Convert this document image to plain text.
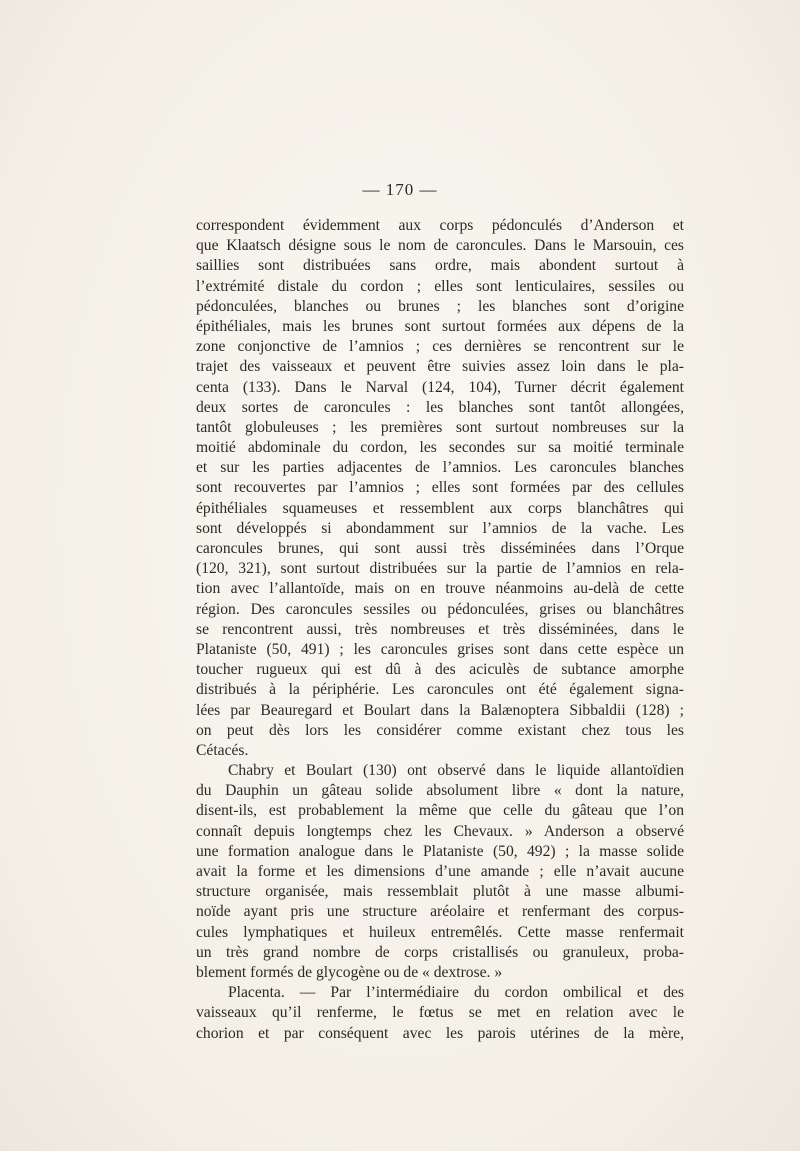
— 170 —
correspondent évidemment aux corps pédonculés d’Anderson et
que Klaatsch désigne sous le nom de caroncules. Dans le Marsouin, ces
saillies sont distribuées sans ordre, mais abondent surtout à
l’extrémité distale du cordon ; elles sont lenticulaires, sessiles ou
pédonculées, blanches ou brunes ; les blanches sont d’origine
épithéliales, mais les brunes sont surtout formées aux dépens de la
zone conjonctive de l’amnios ; ces dernières se rencontrent sur le
trajet des vaisseaux et peuvent être suivies assez loin dans le pla-
centa (133). Dans le Narval (124, 104), Turner décrit également
deux sortes de caroncules : les blanches sont tantôt allongées,
tantôt globuleuses ; les premières sont surtout nombreuses sur la
moitié abdominale du cordon, les secondes sur sa moitié terminale
et sur les parties adjacentes de l’amnios. Les caroncules blanches
sont recouvertes par l’amnios ; elles sont formées par des cellules
épithéliales squameuses et ressemblent aux corps blanchâtres qui
sont développés si abondamment sur l’amnios de la vache. Les
caroncules brunes, qui sont aussi très disséminées dans l’Orque
(120, 321), sont surtout distribuées sur la partie de l’amnios en rela-
tion avec l’allantoïde, mais on en trouve néanmoins au-delà de cette
région. Des caroncules sessiles ou pédonculées, grises ou blanchâtres
se rencontrent aussi, très nombreuses et très disséminées, dans le
Plataniste (50, 491) ; les caroncules grises sont dans cette espèce un
toucher rugueux qui est dû à des aciculès de subtance amorphe
distribués à la périphérie. Les caroncules ont été également signa-
lées par Beauregard et Boulart dans la Balænoptera Sibbaldii (128) ;
on peut dès lors les considérer comme existant chez tous les
Cétacés.
Chabry et Boulart (130) ont observé dans le liquide allantoïdien
du Dauphin un gâteau solide absolument libre « dont la nature,
disent-ils, est probablement la même que celle du gâteau que l’on
connaît depuis longtemps chez les Chevaux. » Anderson a observé
une formation analogue dans le Plataniste (50, 492) ; la masse solide
avait la forme et les dimensions d’une amande ; elle n’avait aucune
structure organisée, mais ressemblait plutôt à une masse albumi-
noïde ayant pris une structure aréolaire et renfermant des corpus-
cules lymphatiques et huileux entremêlés. Cette masse renfermait
un très grand nombre de corps cristallisés ou granuleux, proba-
blement formés de glycogène ou de « dextrose. »
Placenta. — Par l’intermédiaire du cordon ombilical et des
vaisseaux qu’il renferme, le fœtus se met en relation avec le
chorion et par conséquent avec les parois utérines de la mère,
